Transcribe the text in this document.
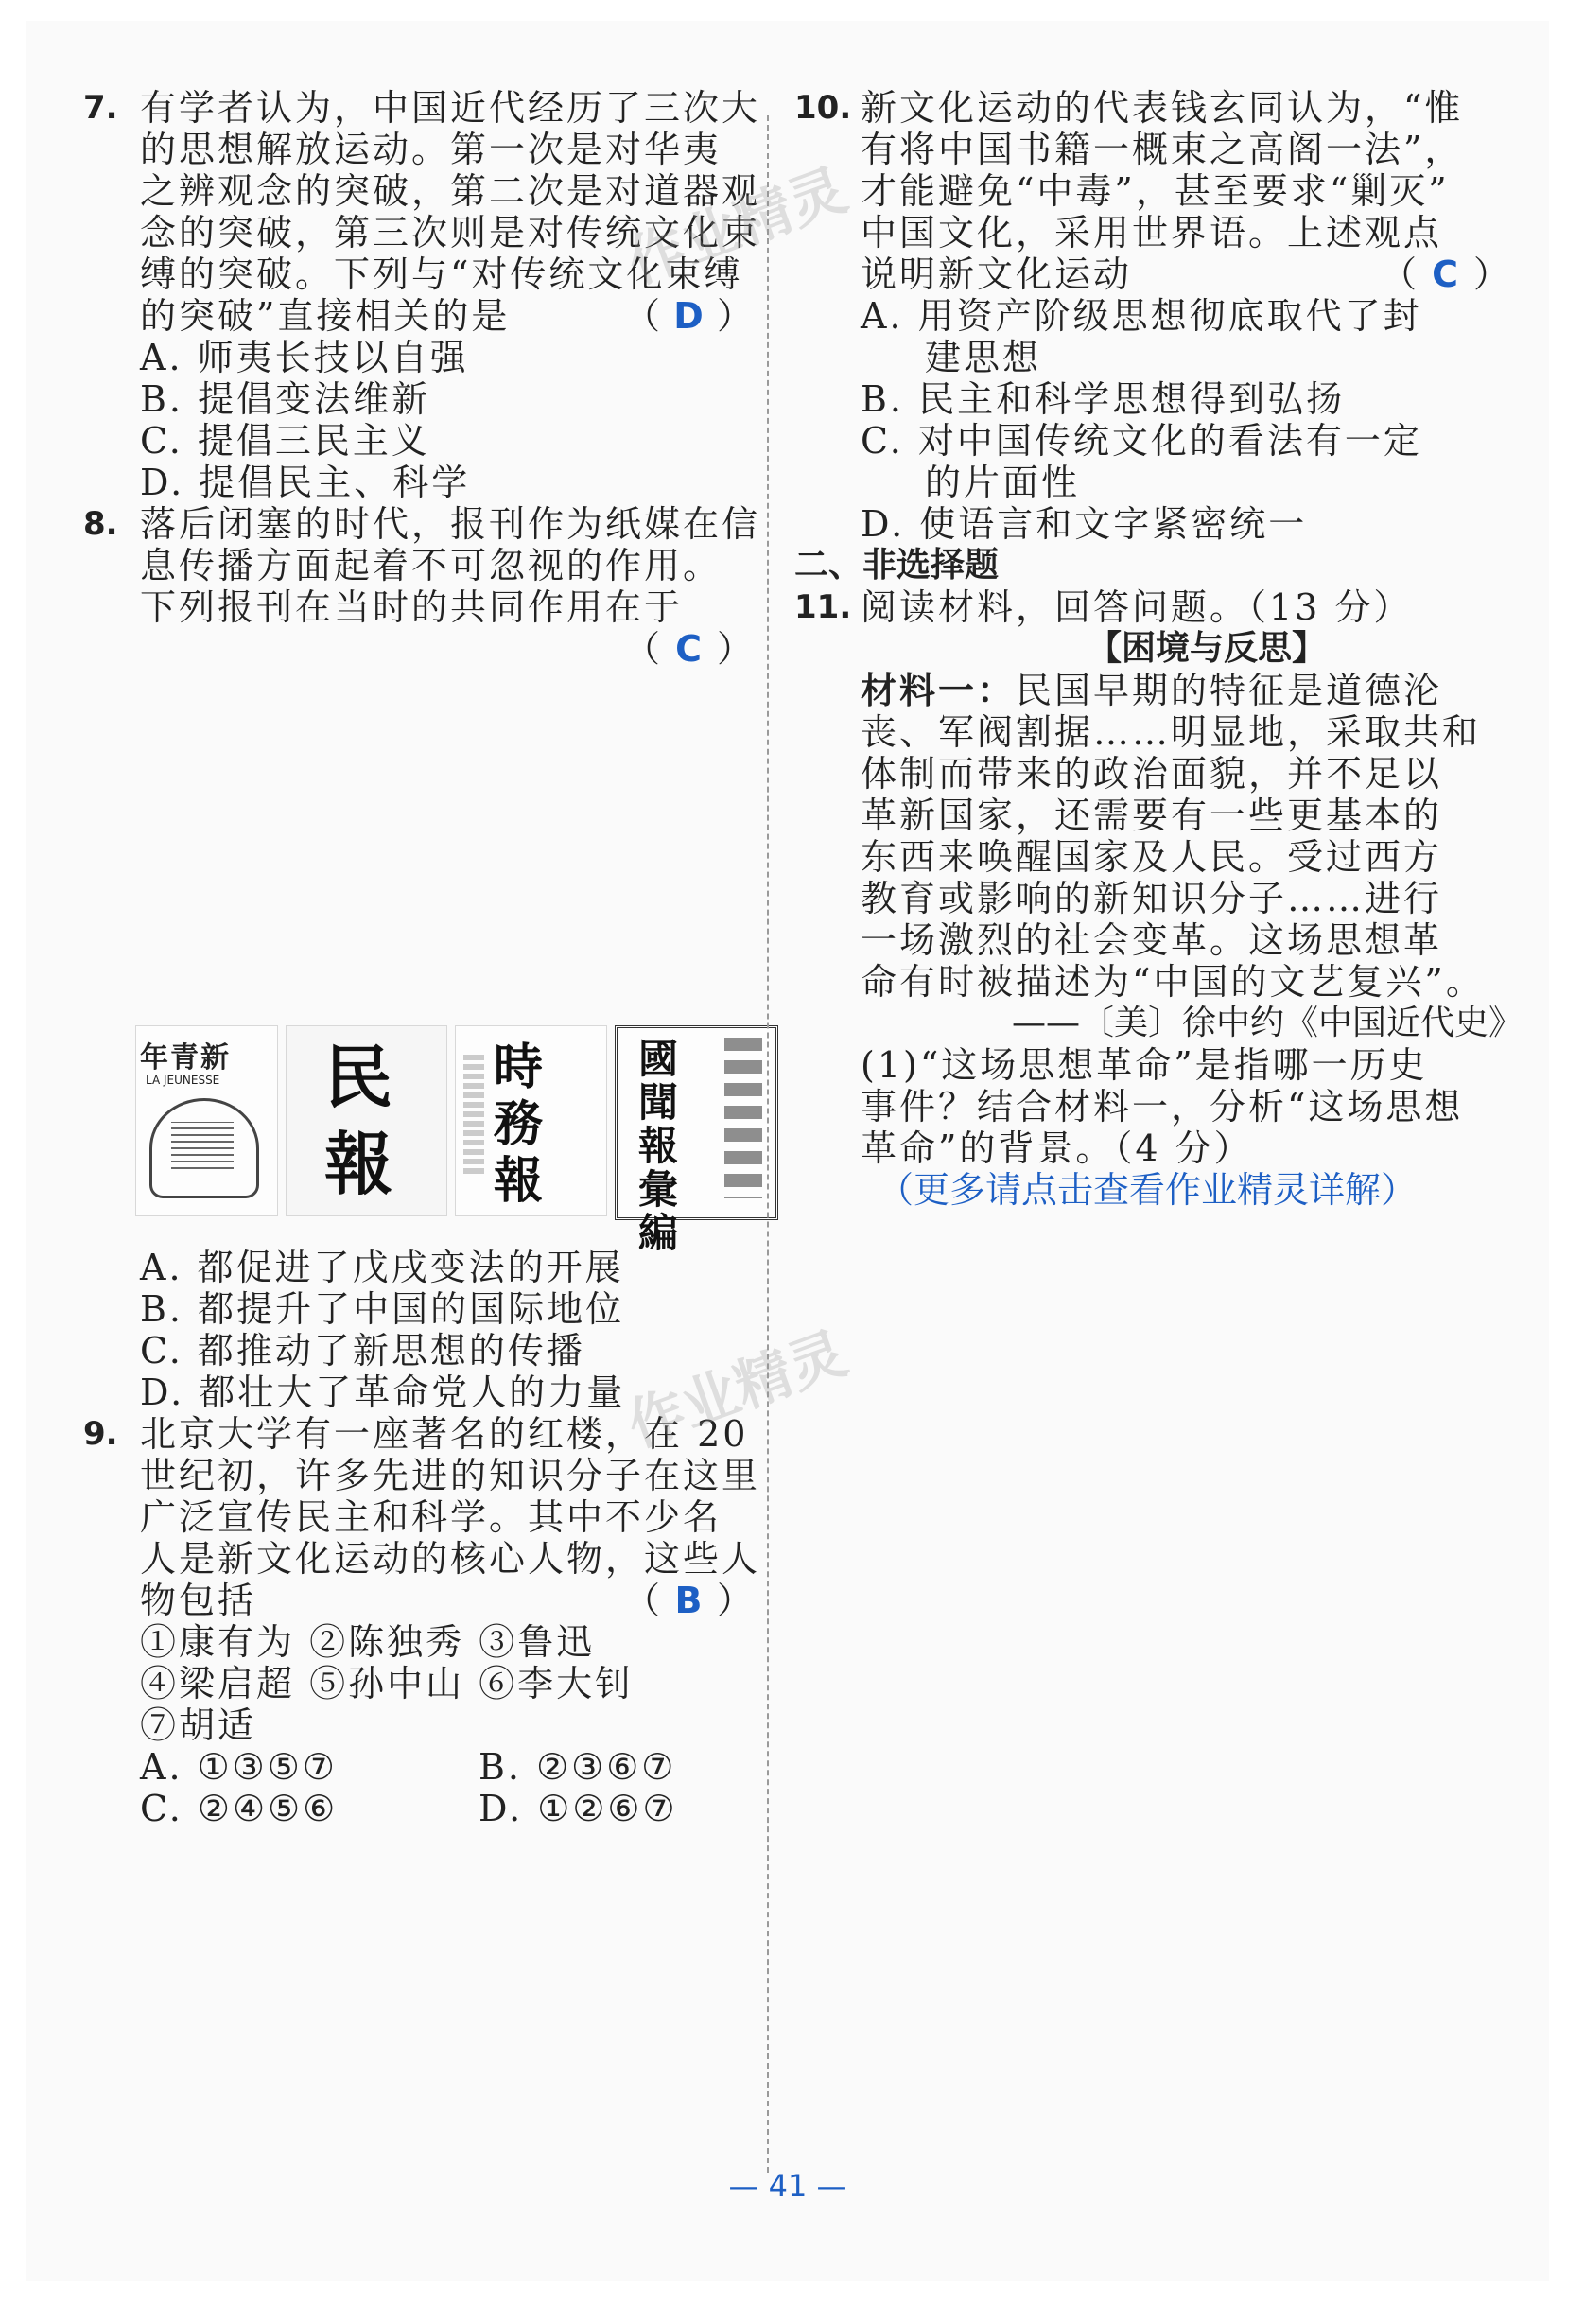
7. 有学者认为，中国近代经历了三次大
的思想解放运动。第一次是对华夷
之辨观念的突破，第二次是对道器观
念的突破，第三次则是对传统文化束
缚的突破。下列与“对传统文化束缚
的突破”直接相关的是	（ D ）
A. 师夷长技以自强
B. 提倡变法维新
C. 提倡三民主义
D. 提倡民主、科学
8. 落后闭塞的时代，报刊作为纸媒在信
息传播方面起着不可忽视的作用。
下列报刊在当时的共同作用在于
（ C ）
年青新
LA JEUNESSE 民
報
時
務
報
國
聞
報
彙
編
A. 都促进了戊戌变法的开展
B. 都提升了中国的国际地位
C. 都推动了新思想的传播
D. 都壮大了革命党人的力量
9. 北京大学有一座著名的红楼，在 20
世纪初，许多先进的知识分子在这里
广泛宣传民主和科学。其中不少名
人是新文化运动的核心人物，这些人
物包括	（ B ）
①康有为 ②陈独秀 ③鲁迅
④梁启超 ⑤孙中山 ⑥李大钊
⑦胡适
A. ①③⑤⑦	B. ②③⑥⑦
C. ②④⑤⑥	D. ①②⑥⑦
10. 新文化运动的代表钱玄同认为，“惟
有将中国书籍一概束之高阁一法”，
才能避免“中毒”，甚至要求“剿灭”
中国文化，采用世界语。上述观点
说明新文化运动	（ C ）
A. 用资产阶级思想彻底取代了封
建思想
B. 民主和科学思想得到弘扬
C. 对中国传统文化的看法有一定
的片面性
D. 使语言和文字紧密统一
二、非选择题
11. 阅读材料，回答问题。（13 分）
【困境与反思】
材料一：民国早期的特征是道德沦
丧、军阀割据……明显地，采取共和
体制而带来的政治面貌，并不足以
革新国家，还需要有一些更基本的
东西来唤醒国家及人民。受过西方
教育或影响的新知识分子……进行
一场激烈的社会变革。这场思想革
命有时被描述为“中国的文艺复兴”。
——〔美〕徐中约《中国近代史》
(1)“这场思想革命”是指哪一历史
事件？结合材料一，分析“这场思想
革命”的背景。（4 分）
（更多请点击查看作业精灵详解）
作业精灵
作业精灵
— 41 —
